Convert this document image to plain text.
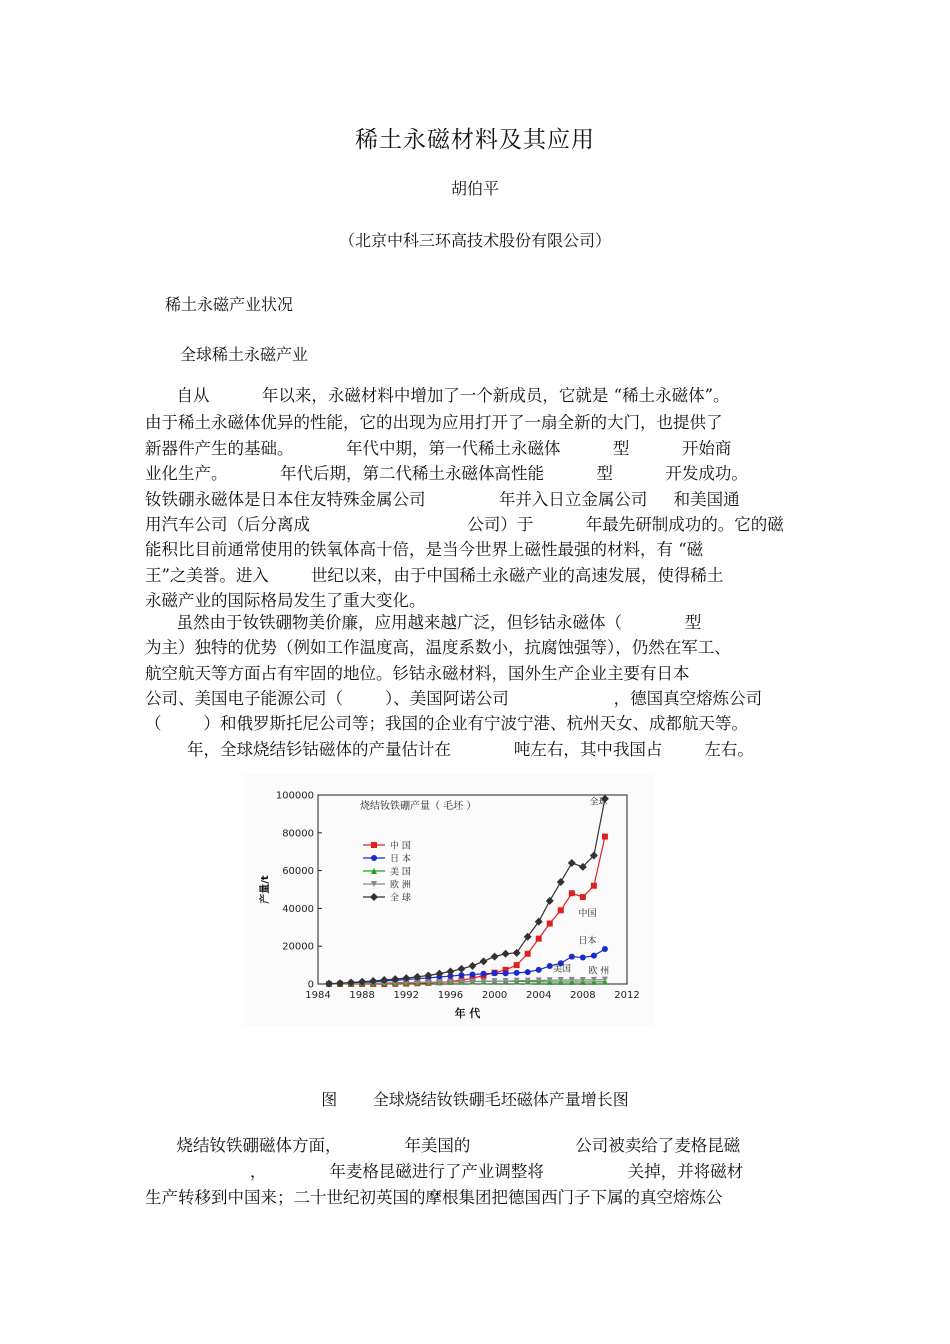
稀土永磁材料及其应用
胡伯平
（北京中科三环高技术股份有限公司）
稀土永磁产业状况
全球稀土永磁产业
自从          年以来，永磁材料中增加了一个新成员，它就是 “稀土永磁体”。
由于稀土永磁体优异的性能，它的出现为应用打开了一扇全新的大门，也提供了
新器件产生的基础。          年代中期，第一代稀土永磁体          型          开始商
业化生产。          年代后期，第二代稀土永磁体高性能          型          开发成功。
钕铁硼永磁体是日本住友特殊金属公司              年并入日立金属公司     和美国通
用汽车公司（后分离成                              公司）于          年最先研制成功的。它的磁
能积比目前通常使用的铁氧体高十倍，是当今世界上磁性最强的材料，有 “磁
王”之美誉。进入        世纪以来，由于中国稀土永磁产业的高速发展，使得稀土
永磁产业的国际格局发生了重大变化。
虽然由于钕铁硼物美价廉，应用越来越广泛，但钐钴永磁体（            型
为主）独特的优势（例如工作温度高，温度系数小，抗腐蚀强等），仍然在军工、
航空航天等方面占有牢固的地位。钐钴永磁材料，国外生产企业主要有日本
公司、美国电子能源公司（        ）、美国阿诺公司                    ，德国真空熔炼公司
（        ）和俄罗斯托尼公司等；我国的企业有宁波宁港、杭州天女、成都航天等。
年，全球烧结钐钴磁体的产量估计在            吨左右，其中我国占        左右。
0
20000
40000
60000
80000
100000
1984 1988 1992 1996 2000 2004 2008 2012
年 代
产量/t
烧结钕铁硼产量（ 毛坯 ）
中 国
日 本
美 国
欧 洲
全 球
全球
中国
日本
美国 欧 州
图       全球烧结钕铁硼毛坯磁体产量增长图
烧结钕铁硼磁体方面，            年美国的                    公司被卖给了麦格昆磁
，            年麦格昆磁进行了产业调整将                关掉，并将磁材
生产转移到中国来；二十世纪初英国的摩根集团把德国西门子下属的真空熔炼公
